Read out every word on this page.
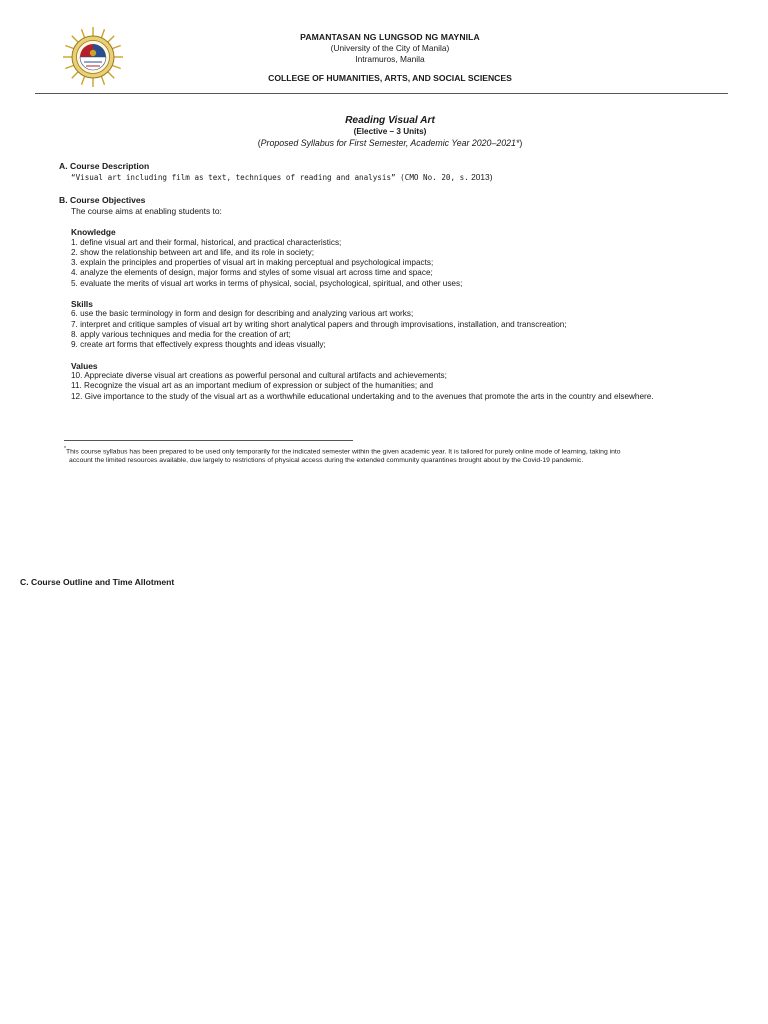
PAMANTASAN NG LUNGSOD NG MAYNILA
(University of the City of Manila)
Intramuros, Manila
COLLEGE OF HUMANITIES, ARTS, AND SOCIAL SCIENCES
Reading Visual Art
(Elective – 3 Units)
(Proposed Syllabus for First Semester, Academic Year 2020–2021*)
A. Course Description
“Visual art including film as text, techniques of reading and analysis” (CMO No. 20, s. 2013)
B. Course Objectives
The course aims at enabling students to:
Knowledge
1. define visual art and their formal, historical, and practical characteristics;
2. show the relationship between art and life, and its role in society;
3. explain the principles and properties of visual art in making perceptual and psychological impacts;
4. analyze the elements of design, major forms and styles of some visual art across time and space;
5. evaluate the merits of visual art works in terms of physical, social, psychological, spiritual, and other uses;
Skills
6. use the basic terminology in form and design for describing and analyzing various art works;
7. interpret and critique samples of visual art by writing short analytical papers and through improvisations, installation, and transcreation;
8. apply various techniques and media for the creation of art;
9. create art forms that effectively express thoughts and ideas visually;
Values
10. Appreciate diverse visual art creations as powerful personal and cultural artifacts and achievements;
11. Recognize the visual art as an important medium of expression or subject of the humanities; and
12. Give importance to the study of the visual art as a worthwhile educational undertaking and to the avenues that promote the arts in the country and elsewhere.
*This course syllabus has been prepared to be used only temporarily for the indicated semester within the given academic year. It is tailored for purely online mode of learning, taking into
account the limited resources available, due largely to restrictions of physical access during the extended community quarantines brought about by the Covid-19 pandemic.
C. Course Outline and Time Allotment
